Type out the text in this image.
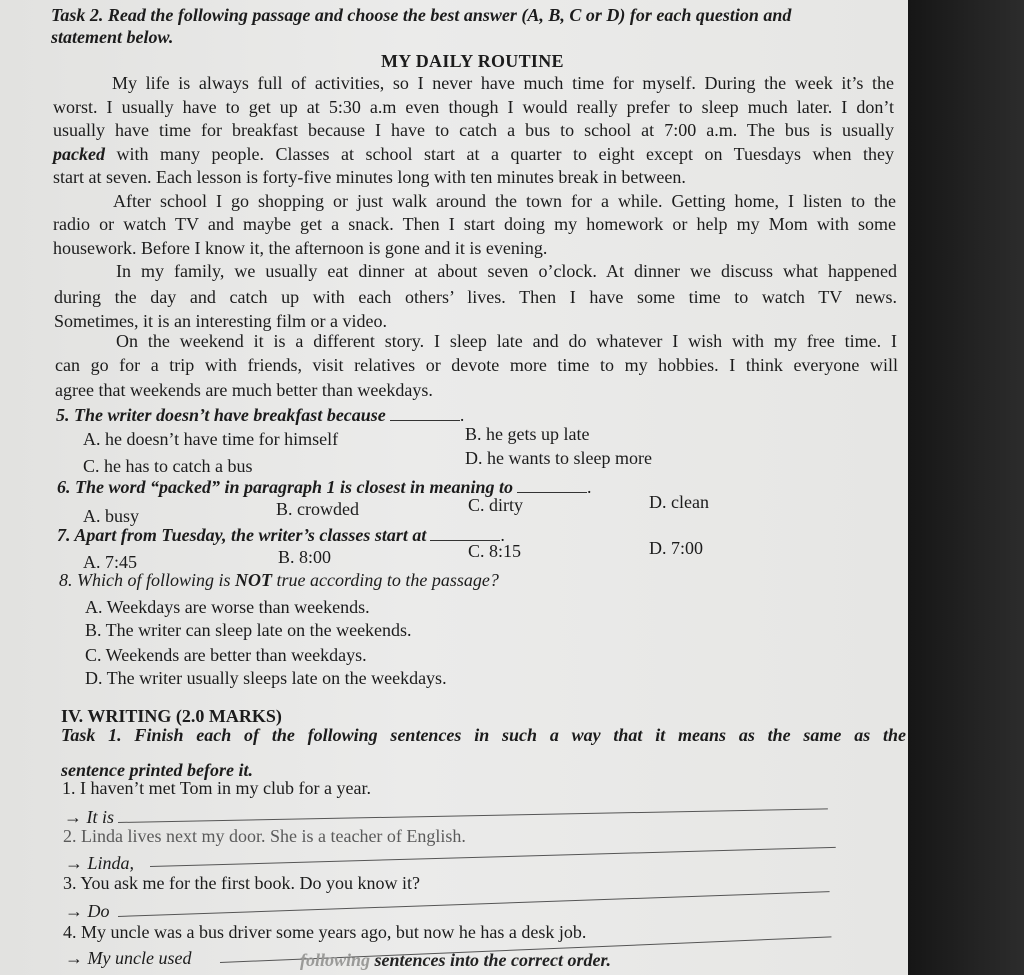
Task 2. Read the following passage and choose the best answer (A, B, C or D) for each question and
statement below.
MY DAILY ROUTINE
My life is always full of activities, so I never have much time for myself. During the week it’s the
worst. I usually have to get up at 5:30 a.m even though I would really prefer to sleep much later. I don’t
usually have time for breakfast because I have to catch a bus to school at 7:00 a.m. The bus is usually
packed with many people. Classes at school start at a quarter to eight except on Tuesdays when they
start at seven. Each lesson is forty-five minutes long with ten minutes break in between.
After school I go shopping or just walk around the town for a while. Getting home, I listen to the
radio or watch TV and maybe get a snack. Then I start doing my homework or help my Mom with some
housework. Before I know it, the afternoon is gone and it is evening.
In my family, we usually eat dinner at about seven o’clock. At dinner we discuss what happened
during the day and catch up with each others’ lives. Then I have some time to watch TV news.
Sometimes, it is an interesting film or a video.
On the weekend it is a different story. I sleep late and do whatever I wish with my free time. I
can go for a trip with friends, visit relatives or devote more time to my hobbies. I think everyone will
agree that weekends are much better than weekdays.
5. The writer doesn’t have breakfast because	.
A. he doesn’t have time for himself	B. he gets up late
C. he has to catch a bus	D. he wants to sleep more
6. The word “packed” in paragraph 1 is closest in meaning to	.
A. busy	B. crowded	C. dirty	D. clean
7. Apart from Tuesday, the writer’s classes start at	.
A. 7:45	B. 8:00	C. 8:15	D. 7:00
8. Which of following is NOT true according to the passage?
A. Weekdays are worse than weekends.
B. The writer can sleep late on the weekends.
C. Weekends are better than weekdays.
D. The writer usually sleeps late on the weekdays.
IV. WRITING (2.0 MARKS)
Task 1. Finish each of the following sentences in such a way that it means as the same as the
sentence printed before it.
1. I haven’t met Tom in my club for a year.
→ It is
2. Linda lives next my door. She is a teacher of English.
→ Linda,
3. You ask me for the first book. Do you know it?
→ Do
4. My uncle was a bus driver some years ago, but now he has a desk job.
→ My uncle used	following sentences into the correct order.
